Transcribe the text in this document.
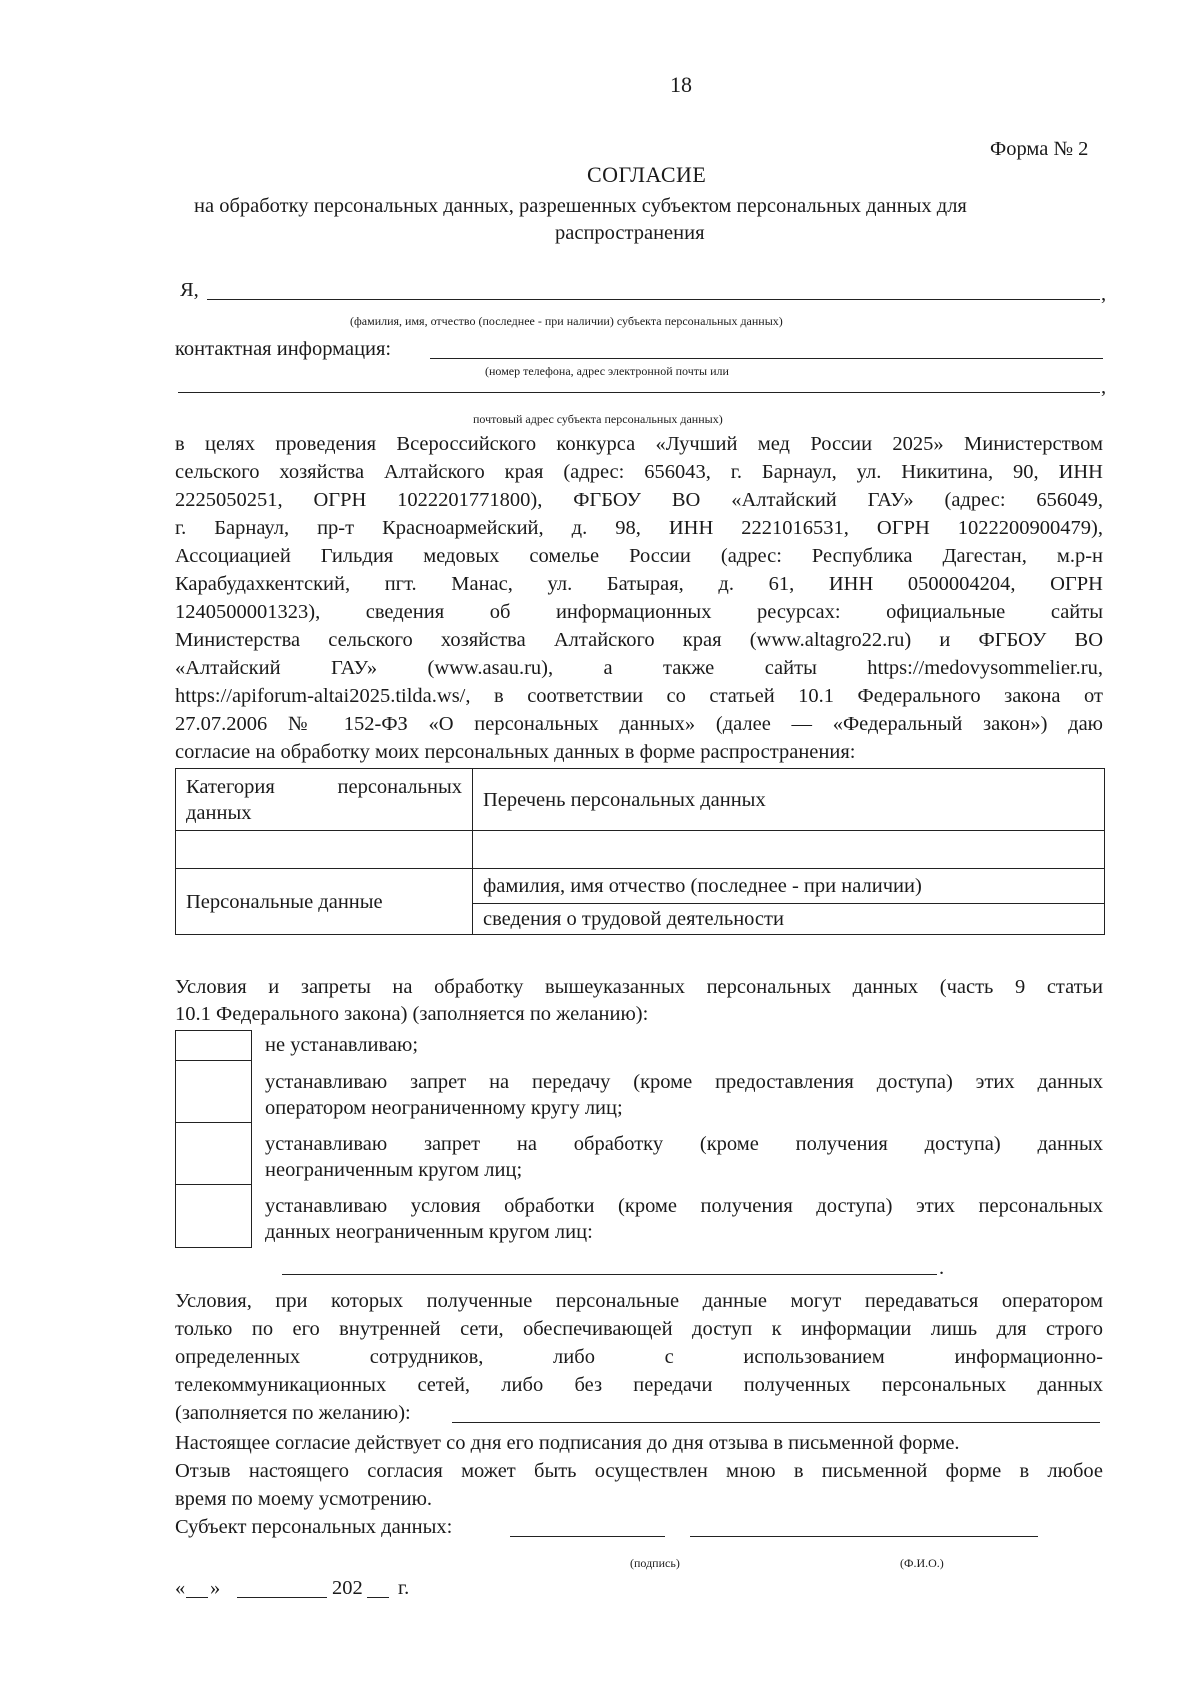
18
Форма № 2
СОГЛАСИЕ
на обработку персональных данных, разрешенных субъектом персональных данных для
распространения
Я,	,
(фамилия, имя, отчество (последнее - при наличии) субъекта персональных данных)
контактная информация:
(номер телефона, адрес электронной почты или
,
почтовый адрес субъекта персональных данных)
в целях проведения Всероссийского конкурса «Лучший мед России 2025» Министерством
сельского хозяйства Алтайского края (адрес: 656043, г. Барнаул, ул. Никитина, 90, ИНН
2225050251, ОГРН 1022201771800), ФГБОУ ВО «Алтайский ГАУ» (адрес: 656049,
г. Барнаул, пр-т Красноармейский, д. 98, ИНН 2221016531, ОГРН 1022200900479),
Ассоциацией Гильдия медовых сомелье России (адрес: Республика Дагестан, м.р-н
Карабудахкентский, пгт. Манас, ул. Батырая, д. 61, ИНН 0500004204, ОГРН
1240500001323), сведения об информационных ресурсах: официальные сайты
Министерства сельского хозяйства Алтайского края (www.altagro22.ru) и ФГБОУ ВО
«Алтайский ГАУ» (www.asau.ru), а также сайты https://medovysommelier.ru,
https://apiforum-altai2025.tilda.ws/, в соответствии со статьей 10.1 Федерального закона от
27.07.2006 № 152-ФЗ «О персональных данных» (далее — «Федеральный закон») даю
согласие на обработку моих персональных данных в форме распространения:
Категория персональных
данных	Перечень персональных данных

Персональные данные	фамилия, имя отчество (последнее - при наличии)
	сведения о трудовой деятельности
Условия и запреты на обработку вышеуказанных персональных данных (часть 9 статьи
10.1 Федерального закона) (заполняется по желанию):
не устанавливаю;
устанавливаю запрет на передачу (кроме предоставления доступа) этих данных
оператором неограниченному кругу лиц;
устанавливаю запрет на обработку (кроме получения доступа) данных
неограниченным кругом лиц;
устанавливаю условия обработки (кроме получения доступа) этих персональных
данных неограниченным кругом лиц:
.
Условия, при которых полученные персональные данные могут передаваться оператором
только по его внутренней сети, обеспечивающей доступ к информации лишь для строго
определенных сотрудников, либо с использованием информационно-
телекоммуникационных сетей, либо без передачи полученных персональных данных
(заполняется по желанию):
Настоящее согласие действует со дня его подписания до дня отзыва в письменной форме.
Отзыв настоящего согласия может быть осуществлен мною в письменной форме в любое
время по моему усмотрению.
Субъект персональных данных:
(подпись)	(Ф.И.О.)
« »	202 г.
